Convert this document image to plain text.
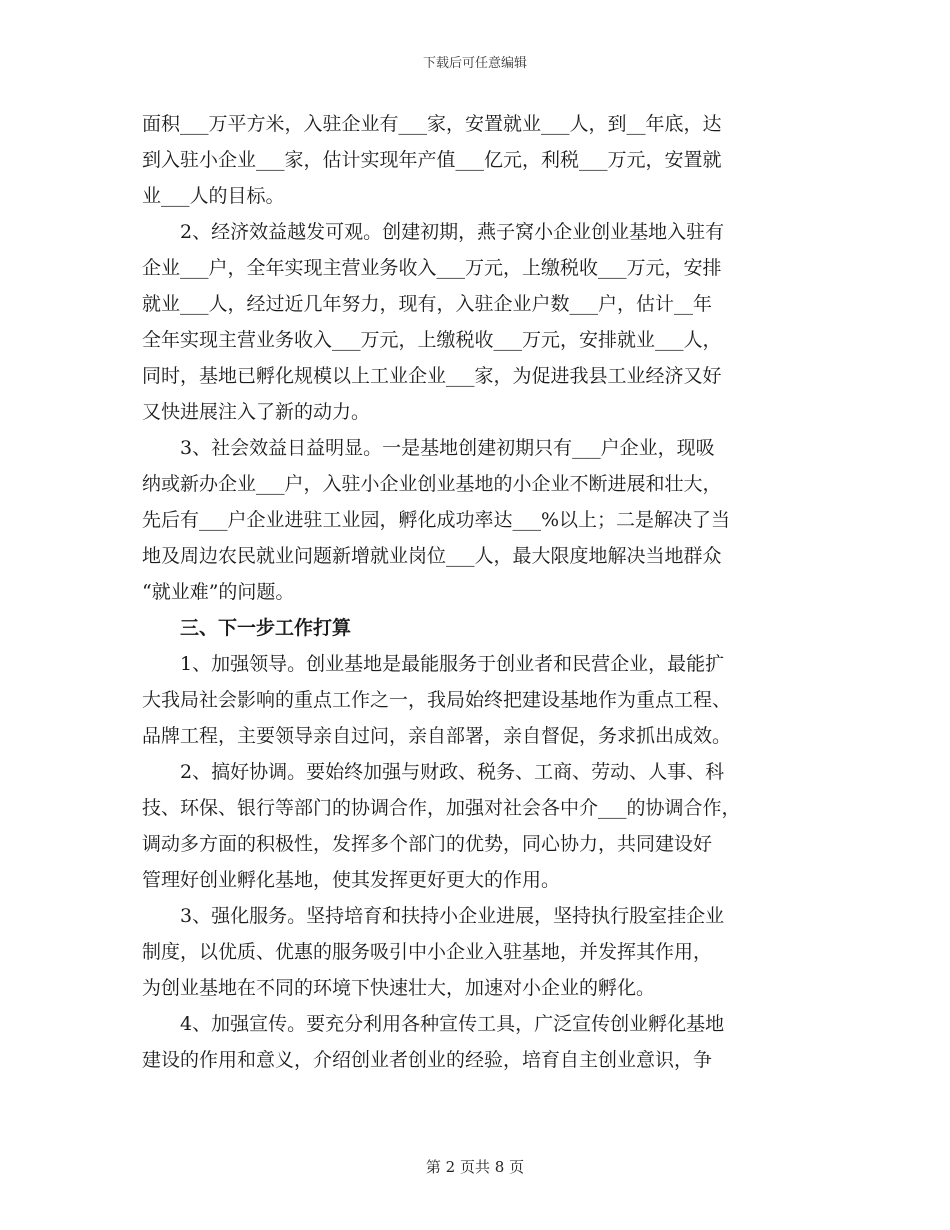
下载后可任意编辑
面积___万平方米，入驻企业有___家，安置就业___人，到__年底，达
到入驻小企业___家，估计实现年产值___亿元，利税___万元，安置就
业___人的目标。
2、经济效益越发可观。创建初期，燕子窝小企业创业基地入驻有
企业___户，全年实现主营业务收入___万元，上缴税收___万元，安排
就业___人，经过近几年努力，现有，入驻企业户数___户，估计__年
全年实现主营业务收入___万元，上缴税收___万元，安排就业___人，
同时，基地已孵化规模以上工业企业___家，为促进我县工业经济又好
又快进展注入了新的动力。
3、社会效益日益明显。一是基地创建初期只有___户企业，现吸
纳或新办企业___户，入驻小企业创业基地的小企业不断进展和壮大，
先后有___户企业进驻工业园，孵化成功率达___%以上；二是解决了当
地及周边农民就业问题新增就业岗位___人，最大限度地解决当地群众
“就业难”的问题。
三、下一步工作打算
1、加强领导。创业基地是最能服务于创业者和民营企业，最能扩
大我局社会影响的重点工作之一，我局始终把建设基地作为重点工程、
品牌工程，主要领导亲自过问，亲自部署，亲自督促，务求抓出成效。
2、搞好协调。要始终加强与财政、税务、工商、劳动、人事、科
技、环保、银行等部门的协调合作，加强对社会各中介___的协调合作，
调动多方面的积极性，发挥多个部门的优势，同心协力，共同建设好
管理好创业孵化基地，使其发挥更好更大的作用。
3、强化服务。坚持培育和扶持小企业进展，坚持执行股室挂企业
制度，以优质、优惠的服务吸引中小企业入驻基地，并发挥其作用，
为创业基地在不同的环境下快速壮大，加速对小企业的孵化。
4、加强宣传。要充分利用各种宣传工具，广泛宣传创业孵化基地
建设的作用和意义，介绍创业者创业的经验，培育自主创业意识，争
第 2 页共 8 页
